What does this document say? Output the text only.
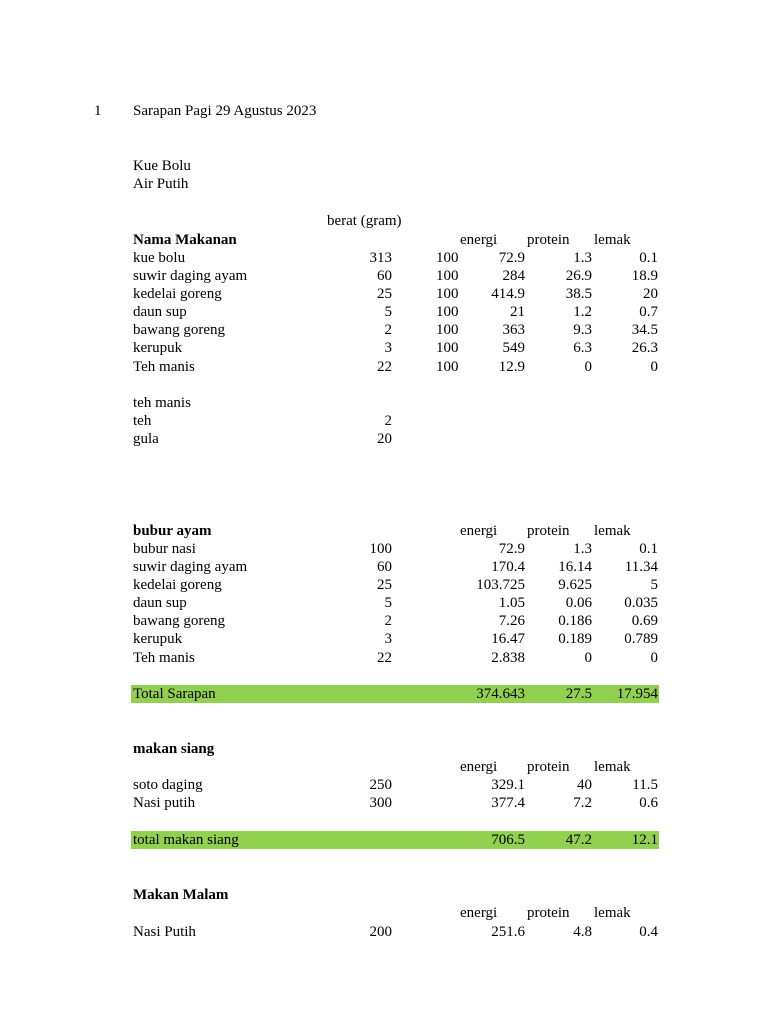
1 Sarapan Pagi 29 Agustus 2023
Kue Bolu
Air Putih
berat (gram)
Nama Makanan	energi protein lemak
kue bolu	313	100	72.9	1.3	0.1
suwir daging ayam	60	100	284	26.9	18.9
kedelai goreng	25	100	414.9	38.5	20
daun sup	5	100	21	1.2	0.7
bawang goreng	2	100	363	9.3	34.5
kerupuk	3	100	549	6.3	26.3
Teh manis	22	100	12.9	0	0
teh manis
teh	2
gula	20
bubur ayam	energi protein lemak
bubur nasi	100	72.9	1.3	0.1
suwir daging ayam	60	170.4	16.14	11.34
kedelai goreng	25	103.725	9.625	5
daun sup	5	1.05	0.06	0.035
bawang goreng	2	7.26	0.186	0.69
kerupuk	3	16.47	0.189	0.789
Teh manis	22	2.838	0	0
Total Sarapan	374.643	27.5	17.954
makan siang
energi protein lemak
soto daging	250	329.1	40	11.5
Nasi putih	300	377.4	7.2	0.6
total makan siang	706.5	47.2	12.1
Makan Malam
energi protein lemak
Nasi Putih	200	251.6	4.8	0.4
